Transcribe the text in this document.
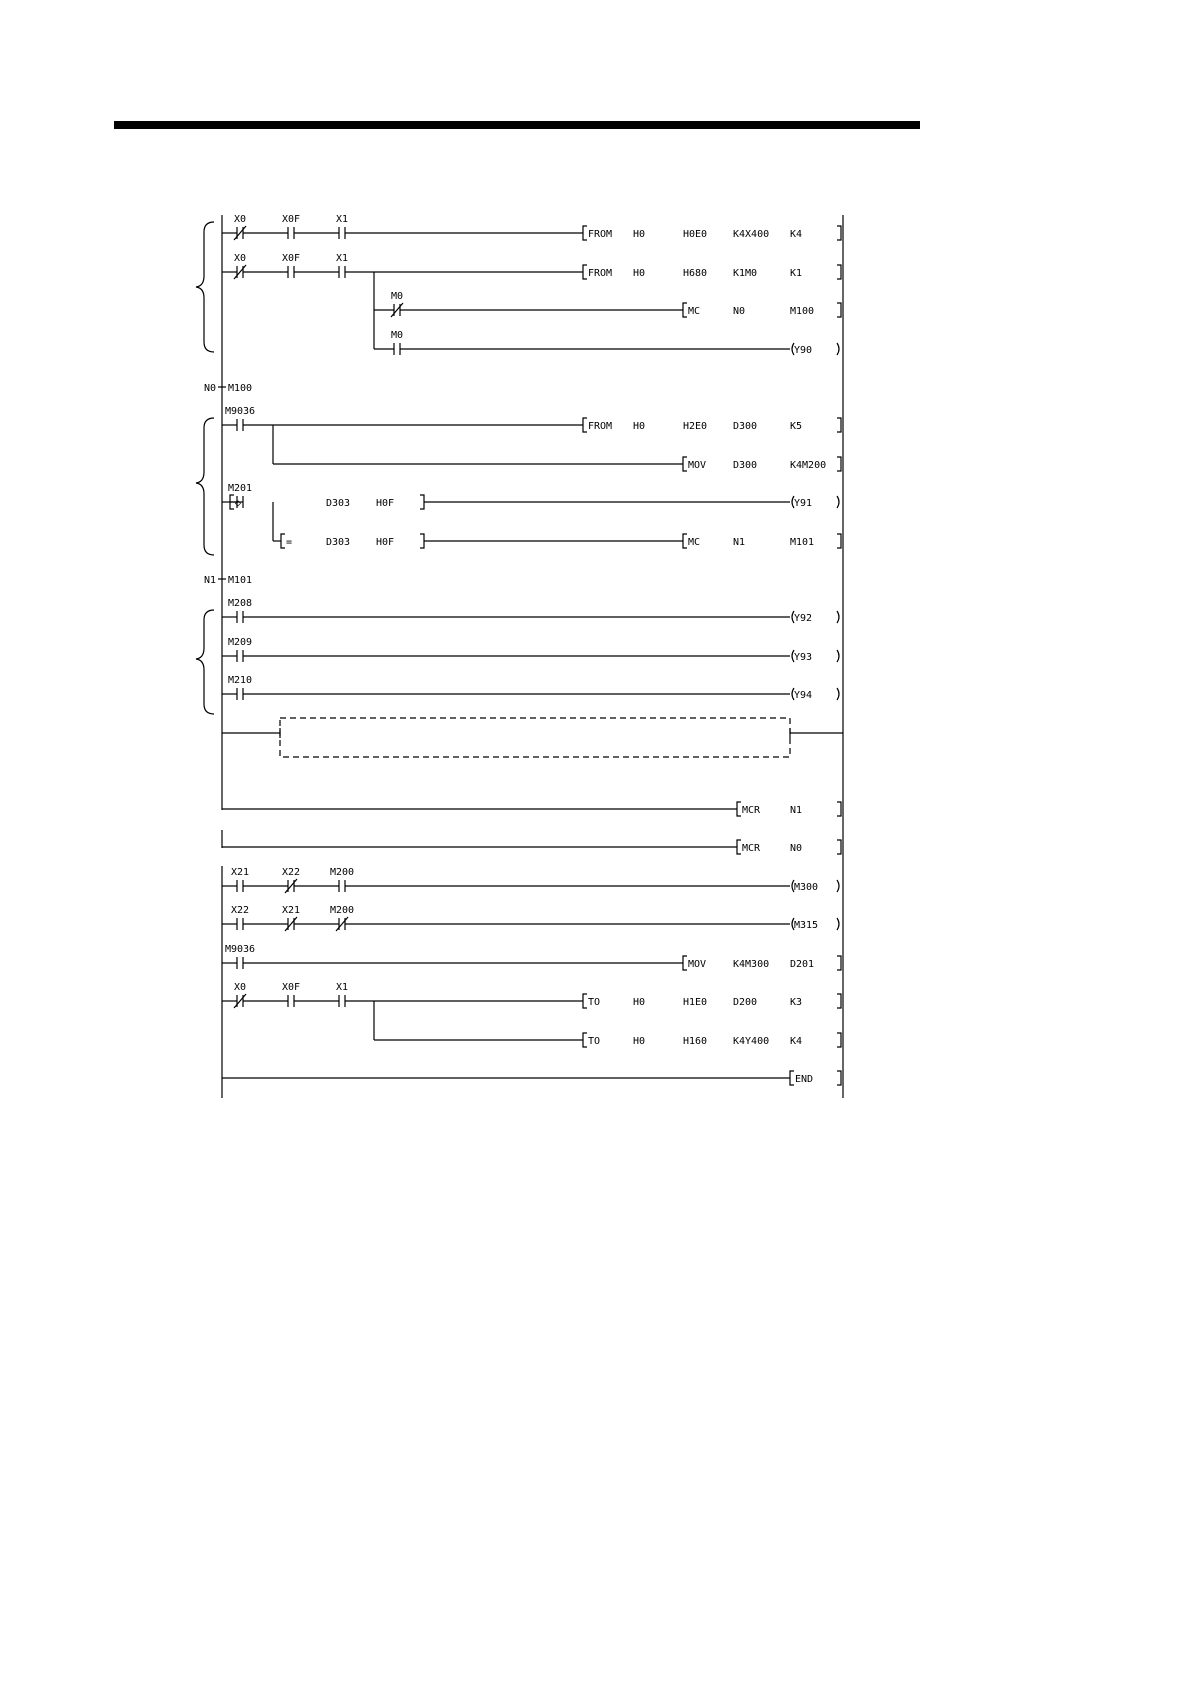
X0	X0F	X1
FROM H0	H0E0	K4X400 K4
X0	X0F	X1
FROM H0	H680	K1M0	K1
M0
MC	N0	M100
M0
Y90
M9036
FROM H0	H2E0	D300	K5
MOV	D300	K4M200
M201
◇	D303	H0F	Y91
=	D303	H0F	MC	N1	M101
M208
Y92
M209
Y93
M210
Y94
MCR	N1
MCR	N0
X21	X22	M200
M300
X22	X21	M200
M315
M9036
MOV	K4M300 D201
X0	X0F	X1
TO	H0	H1E0	D200	K3
TO	H0	H160	K4Y400 K4
END
N0 M100
N1 M101
